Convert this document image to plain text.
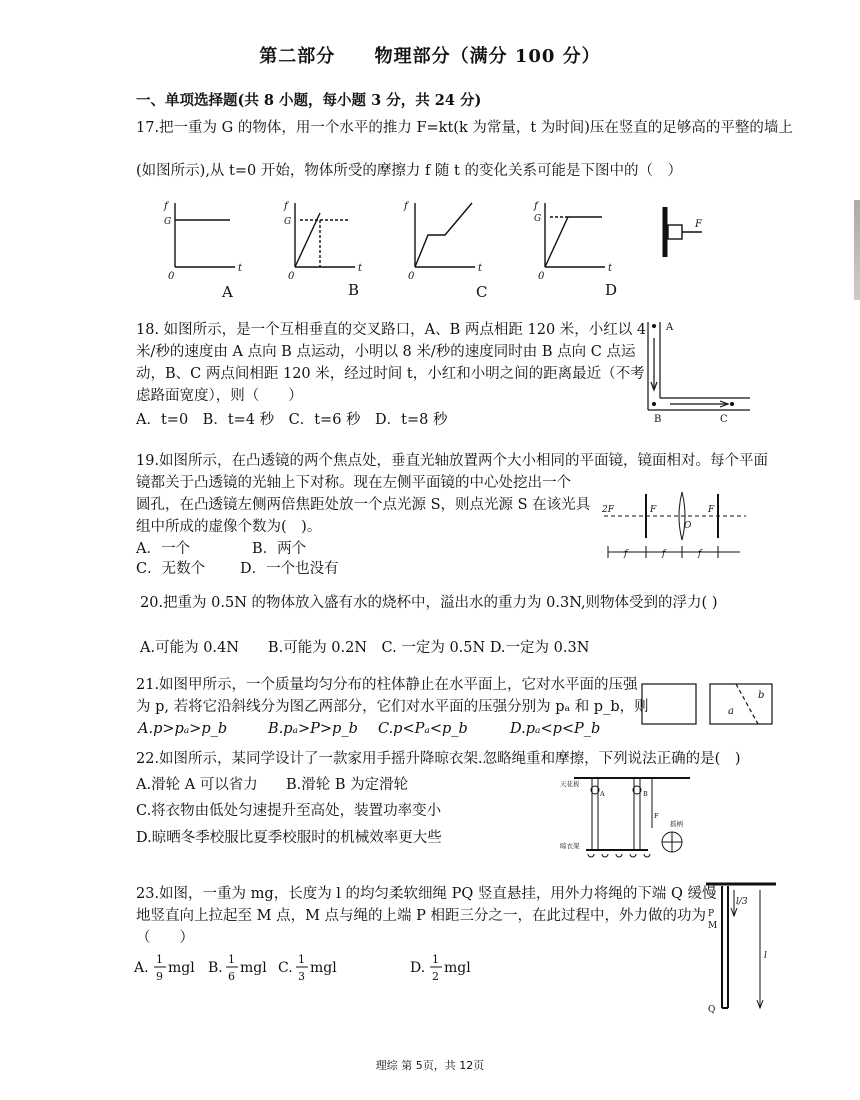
第二部分 物理部分（满分 100 分）
一、单项选择题(共 8 小题，每小题 3 分，共 24 分)
17.把一重为 G 的物体，用一个水平的推力 F=kt(k 为常量，t 为时间)压在竖直的足够高的平整的墙上
(如图所示),从 t=0 开始，物体所受的摩擦力 f 随 t 的变化关系可能是下图中的（　）
f
G
0
t
f
G
0
t
f
0
t
f
G
0
t
F
A	B	C	D
18. 如图所示，是一个互相垂直的交叉路口，A、B 两点相距 120 米，小红以 4
米/秒的速度由 A 点向 B 点运动，小明以 8 米/秒的速度同时由 B 点向 C 点运
动，B、C 两点间相距 120 米，经过时间 t，小红和小明之间的距离最近（不考
虑路面宽度），则（　　）
A．t=0　B．t=4 秒　C．t=6 秒　D．t=8 秒
A
B	C
19.如图所示，在凸透镜的两个焦点处，垂直光轴放置两个大小相同的平面镜，镜面相对。每个平面
镜都关于凸透镜的光轴上下对称。现在左侧平面镜的中心处挖出一个
圆孔，在凸透镜左侧两倍焦距处放一个点光源 S，则点光源 S 在该光具
组中所成的虚像个数为(　)。
A．一个	B．两个
C．无数个 D．一个也没有
2F	F	F
O
f	f	f
20.把重为 0.5N 的物体放入盛有水的烧杯中，溢出水的重力为 0.3N,则物体受到的浮力( )
A.可能为 0.4N　　B.可能为 0.2N　C. 一定为 0.5N D.一定为 0.3N
21.如图甲所示，一个质量均匀分布的柱体静止在水平面上，它对水平面的压强
为 p, 若将它沿斜线分为图乙两部分，它们对水平面的压强分别为 pₐ 和 p_b，则
A.p>pₐ>p_b	B.pₐ>P>p_b C.p<Pₐ<p_b	D.pₐ<p<P_b
a
b
22.如图所示，某同学设计了一款家用手摇升降晾衣架.忽略绳重和摩擦，下列说法正确的是(　)
A.滑轮 A 可以省力 B.滑轮 B 为定滑轮
C.将衣物由低处匀速提升至高处，装置功率变小
D.晾晒冬季校服比夏季校服时的机械效率更大些
天花板
晾衣架
摇柄
A	B
F
23.如图，一重为 mg，长度为 l 的均匀柔软细绳 PQ 竖直悬挂，用外力将绳的下端 Q 缓慢
地竖直向上拉起至 M 点，M 点与绳的上端 P 相距三分之一，在此过程中，外力做的功为
（　　）
A.
1
9
mgl B.
1
6
mgl C.
1
3
mgl	D.
1
2
mgl
P
M
Q
l/3
l
理综 第 5页，共 12页
